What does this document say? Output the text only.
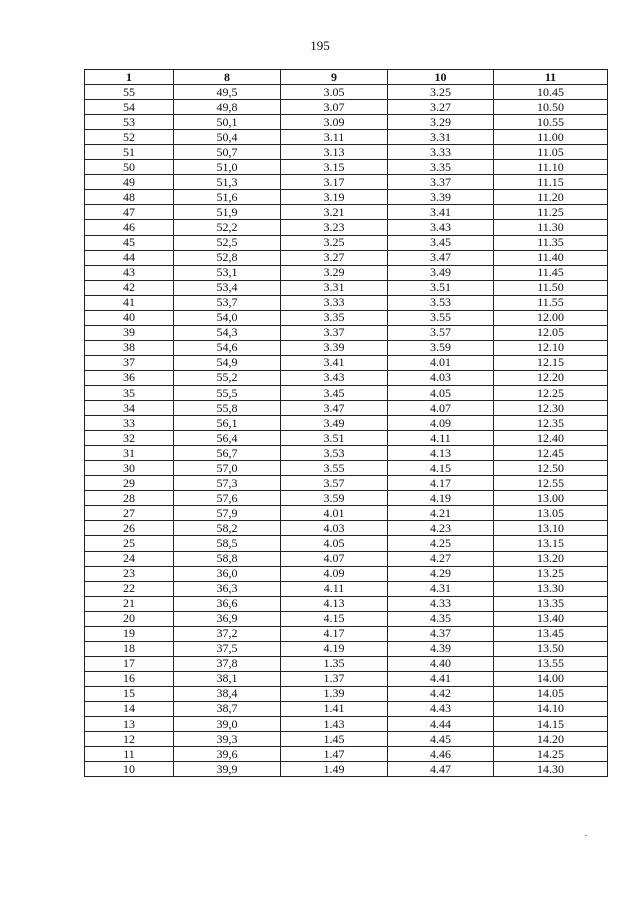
195
1	8	9	10	11
55	49,5	3.05	3.25	10.45
54	49,8	3.07	3.27	10.50
53	50,1	3.09	3.29	10.55
52	50,4	3.11	3.31	11.00
51	50,7	3.13	3.33	11.05
50	51,0	3.15	3.35	11.10
49	51,3	3.17	3.37	11.15
48	51,6	3.19	3.39	11.20
47	51,9	3.21	3.41	11.25
46	52,2	3.23	3.43	11.30
45	52,5	3.25	3.45	11.35
44	52,8	3.27	3.47	11.40
43	53,1	3.29	3.49	11.45
42	53,4	3.31	3.51	11.50
41	53,7	3.33	3.53	11.55
40	54,0	3.35	3.55	12.00
39	54,3	3.37	3.57	12.05
38	54,6	3.39	3.59	12.10
37	54,9	3.41	4.01	12.15
36	55,2	3.43	4.03	12.20
35	55,5	3.45	4.05	12.25
34	55,8	3.47	4.07	12.30
33	56,1	3.49	4.09	12.35
32	56,4	3.51	4.11	12.40
31	56,7	3.53	4.13	12.45
30	57,0	3.55	4.15	12.50
29	57,3	3.57	4.17	12.55
28	57,6	3.59	4.19	13.00
27	57,9	4.01	4.21	13.05
26	58,2	4.03	4.23	13.10
25	58,5	4.05	4.25	13.15
24	58,8	4.07	4.27	13.20
23	36,0	4.09	4.29	13.25
22	36,3	4.11	4.31	13.30
21	36,6	4.13	4.33	13.35
20	36,9	4.15	4.35	13.40
19	37,2	4.17	4.37	13.45
18	37,5	4.19	4.39	13.50
17	37,8	1.35	4.40	13.55
16	38,1	1.37	4.41	14.00
15	38,4	1.39	4.42	14.05
14	38,7	1.41	4.43	14.10
13	39,0	1.43	4.44	14.15
12	39,3	1.45	4.45	14.20
11	39,6	1.47	4.46	14.25
10	39,9	1.49	4.47	14.30
